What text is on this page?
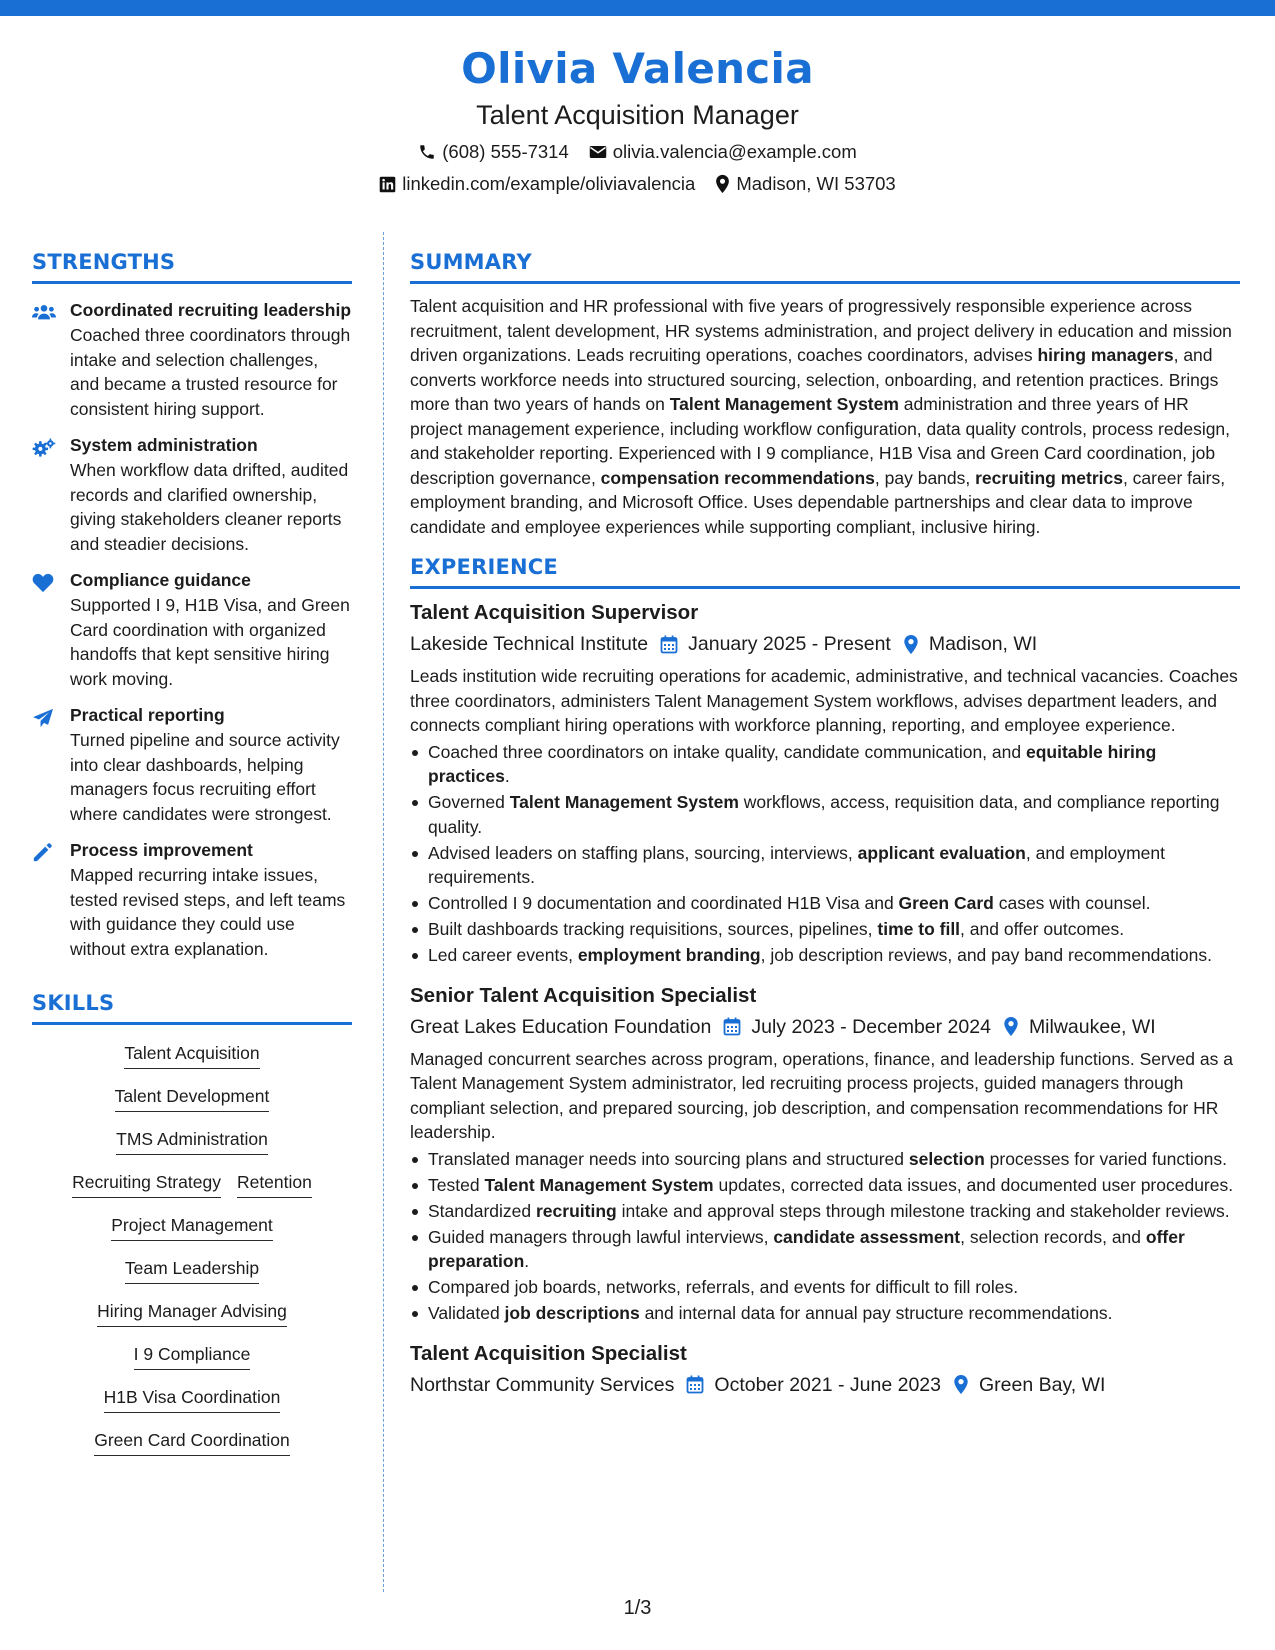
Olivia Valencia
Talent Acquisition Manager
(608) 555-7314 olivia.valencia@example.com
linkedin.com/example/oliviavalencia Madison, WI 53703
STRENGTHS
Coordinated recruiting leadership
Coached three coordinators through intake and selection challenges, and became a trusted resource for consistent hiring support.
System administration
When workflow data drifted, audited records and clarified ownership, giving stakeholders cleaner reports and steadier decisions.
Compliance guidance
Supported I 9, H1B Visa, and Green Card coordination with organized handoffs that kept sensitive hiring work moving.
Practical reporting
Turned pipeline and source activity into clear dashboards, helping managers focus recruiting effort where candidates were strongest.
Process improvement
Mapped recurring intake issues, tested revised steps, and left teams with guidance they could use without extra explanation.
SKILLS
Talent Acquisition
Talent Development
TMS Administration
Recruiting Strategy Retention
Project Management
Team Leadership
Hiring Manager Advising
I 9 Compliance
H1B Visa Coordination
Green Card Coordination
SUMMARY

Talent acquisition and HR professional with five years of progressively responsible experience across recruitment, talent development, HR systems administration, and project delivery in education and mission driven organizations. Leads recruiting operations, coaches coordinators, advises hiring managers, and converts workforce needs into structured sourcing, selection, onboarding, and retention practices. Brings more than two years of hands on Talent Management System administration and three years of HR project management experience, including workflow configuration, data quality controls, process redesign, and stakeholder reporting. Experienced with I 9 compliance, H1B Visa and Green Card coordination, job description governance, compensation recommendations, pay bands, recruiting metrics, career fairs, employment branding, and Microsoft Office. Uses dependable partnerships and clear data to improve candidate and employee experiences while supporting compliant, inclusive hiring.

EXPERIENCE
Talent Acquisition Supervisor
Lakeside Technical Institute January 2025 - Present Madison, WI

Leads institution wide recruiting operations for academic, administrative, and technical vacancies. Coaches three coordinators, administers Talent Management System workflows, advises department leaders, and connects compliant hiring operations with workforce planning, reporting, and employee experience.

Coached three coordinators on intake quality, candidate communication, and equitable hiring practices.
Governed Talent Management System workflows, access, requisition data, and compliance reporting quality.
Advised leaders on staffing plans, sourcing, interviews, applicant evaluation, and employment requirements.
Controlled I 9 documentation and coordinated H1B Visa and Green Card cases with counsel.
Built dashboards tracking requisitions, sources, pipelines, time to fill, and offer outcomes.
Led career events, employment branding, job description reviews, and pay band recommendations.
Senior Talent Acquisition Specialist
Great Lakes Education Foundation July 2023 - December 2024 Milwaukee, WI

Managed concurrent searches across program, operations, finance, and leadership functions. Served as a Talent Management System administrator, led recruiting process projects, guided managers through compliant selection, and prepared sourcing, job description, and compensation recommendations for HR leadership.

Translated manager needs into sourcing plans and structured selection processes for varied functions.
Tested Talent Management System updates, corrected data issues, and documented user procedures.
Standardized recruiting intake and approval steps through milestone tracking and stakeholder reviews.
Guided managers through lawful interviews, candidate assessment, selection records, and offer preparation.
Compared job boards, networks, referrals, and events for difficult to fill roles.
Validated job descriptions and internal data for annual pay structure recommendations.
Talent Acquisition Specialist
Northstar Community Services October 2021 - June 2023 Green Bay, WI
1/3
